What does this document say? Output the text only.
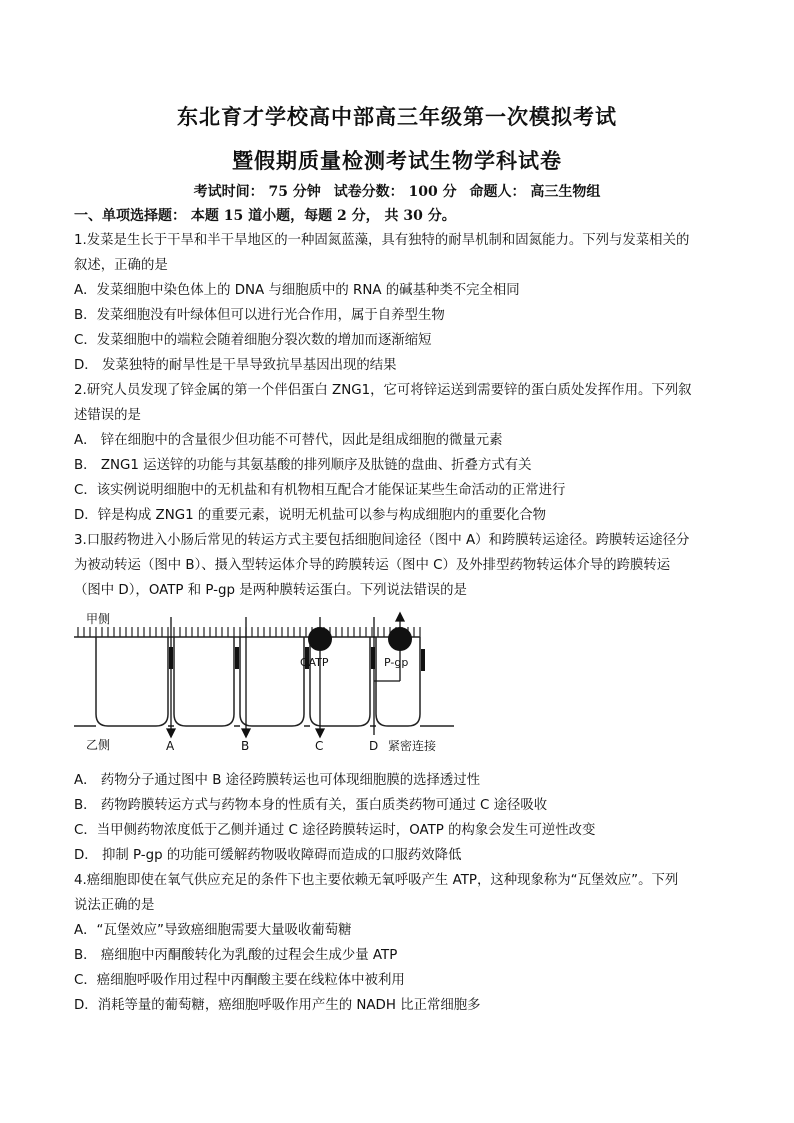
东北育才学校高中部高三年级第一次模拟考试
暨假期质量检测考试生物学科试卷
考试时间： 75 分钟 试卷分数： 100 分 命题人： 高三生物组
一、单项选择题： 本题 15 道小题，每题 2 分， 共 30 分。
1.发菜是生长于干旱和半干旱地区的一种固氮蓝藻，具有独特的耐旱机制和固氮能力。下列与发菜相关的
叙述，正确的是
A．发菜细胞中染色体上的 DNA 与细胞质中的 RNA 的碱基种类不完全相同
B．发菜细胞没有叶绿体但可以进行光合作用，属于自养型生物
C．发菜细胞中的端粒会随着细胞分裂次数的增加而逐渐缩短
D． 发菜独特的耐旱性是干旱导致抗旱基因出现的结果
2.研究人员发现了锌金属的第一个伴侣蛋白 ZNG1，它可将锌运送到需要锌的蛋白质处发挥作用。下列叙
述错误的是
A． 锌在细胞中的含量很少但功能不可替代，因此是组成细胞的微量元素
B． ZNG1 运送锌的功能与其氨基酸的排列顺序及肽链的盘曲、折叠方式有关
C．该实例说明细胞中的无机盐和有机物相互配合才能保证某些生命活动的正常进行
D．锌是构成 ZNG1 的重要元素，说明无机盐可以参与构成细胞内的重要化合物
3.口服药物进入小肠后常见的转运方式主要包括细胞间途径（图中 A）和跨膜转运途径。跨膜转运途径分
为被动转运（图中 B）、摄入型转运体介导的跨膜转运（图中 C）及外排型药物转运体介导的跨膜转运
（图中 D），OATP 和 P-gp 是两种膜转运蛋白。下列说法错误的是
甲侧
乙侧	A	B	C	D
OATP	P-gp
紧密连接
A． 药物分子通过图中 B 途径跨膜转运也可体现细胞膜的选择透过性
B． 药物跨膜转运方式与药物本身的性质有关，蛋白质类药物可通过 C 途径吸收
C．当甲侧药物浓度低于乙侧并通过 C 途径跨膜转运时，OATP 的构象会发生可逆性改变
D． 抑制 P-gp 的功能可缓解药物吸收障碍而造成的口服药效降低
4.癌细胞即使在氧气供应充足的条件下也主要依赖无氧呼吸产生 ATP，这种现象称为“瓦堡效应”。下列
说法正确的是
A．“瓦堡效应”导致癌细胞需要大量吸收葡萄糖
B． 癌细胞中丙酮酸转化为乳酸的过程会生成少量 ATP
C．癌细胞呼吸作用过程中丙酮酸主要在线粒体中被利用
D．消耗等量的葡萄糖，癌细胞呼吸作用产生的 NADH 比正常细胞多
